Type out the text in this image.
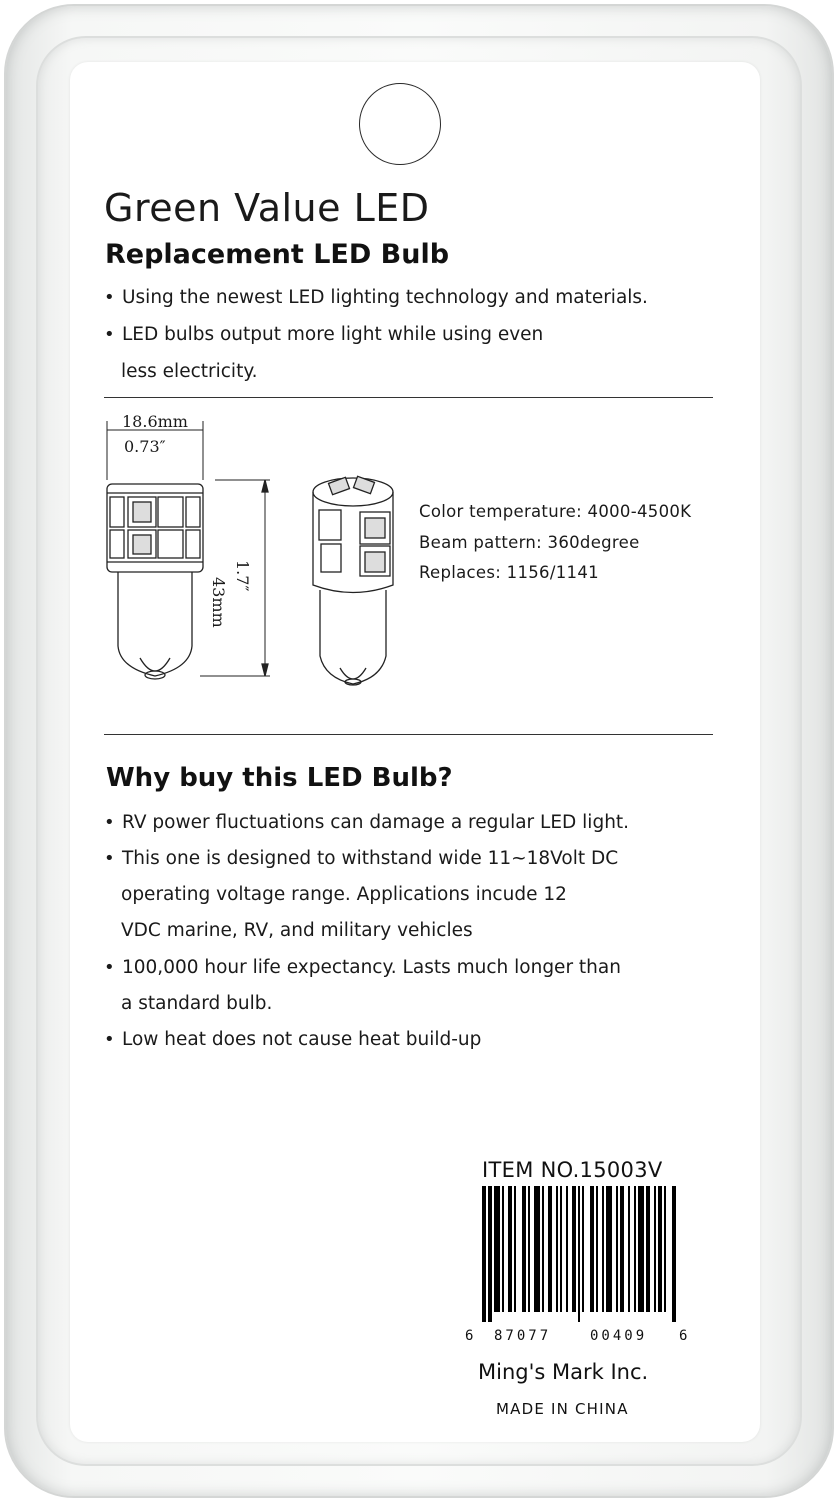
Green Value LED
Replacement LED Bulb
• Using the newest LED lighting technology and materials.
• LED bulbs output more light while using even
less electricity.
18.6mm
0.73″
43mm
1.7″
Color temperature: 4000-4500K
Beam pattern: 360degree
Replaces: 1156/1141
Why buy this LED Bulb?
• RV power fluctuations can damage a regular LED light.
• This one is designed to withstand wide 11~18Volt DC
operating voltage range. Applications incude 12
VDC marine, RV, and military vehicles
• 100,000 hour life expectancy. Lasts much longer than
a standard bulb.
• Low heat does not cause heat build-up
ITEM NO.15003V
6 87077	00409 6
Ming's Mark Inc.
MADE IN CHINA
